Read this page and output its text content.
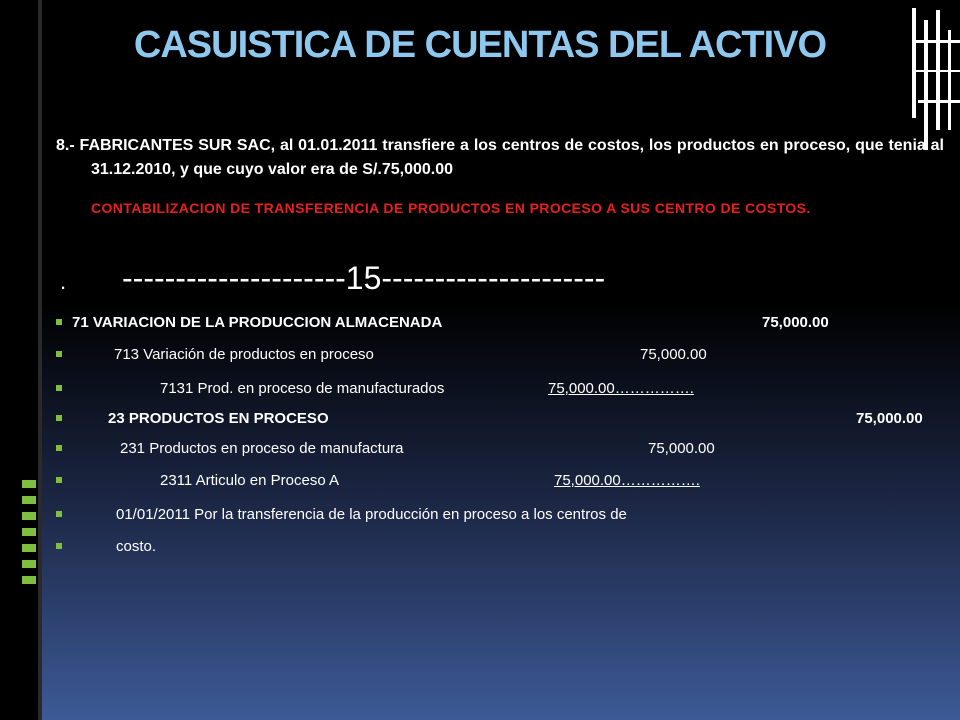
CASUISTICA DE CUENTAS DEL ACTIVO
8.- FABRICANTES SUR SAC, al 01.01.2011 transfiere a los centros de costos, los productos en proceso, que tenia al 31.12.2010, y que cuyo valor era de S/.75,000.00
CONTABILIZACION DE TRANSFERENCIA DE PRODUCTOS EN PROCESO A SUS CENTRO DE COSTOS.
. ---------------------15---------------------
71 VARIACION DE LA PRODUCCION ALMACENADA	75,000.00
713 Variación de productos en proceso	75,000.00
7131 Prod. en proceso de manufacturados	75,000.00…………….
23 PRODUCTOS EN PROCESO	75,000.00
231 Productos en proceso de manufactura	75,000.00
2311 Articulo en Proceso A	75,000.00…………….
01/01/2011 Por la transferencia de la producción en proceso a los centros de
costo.
